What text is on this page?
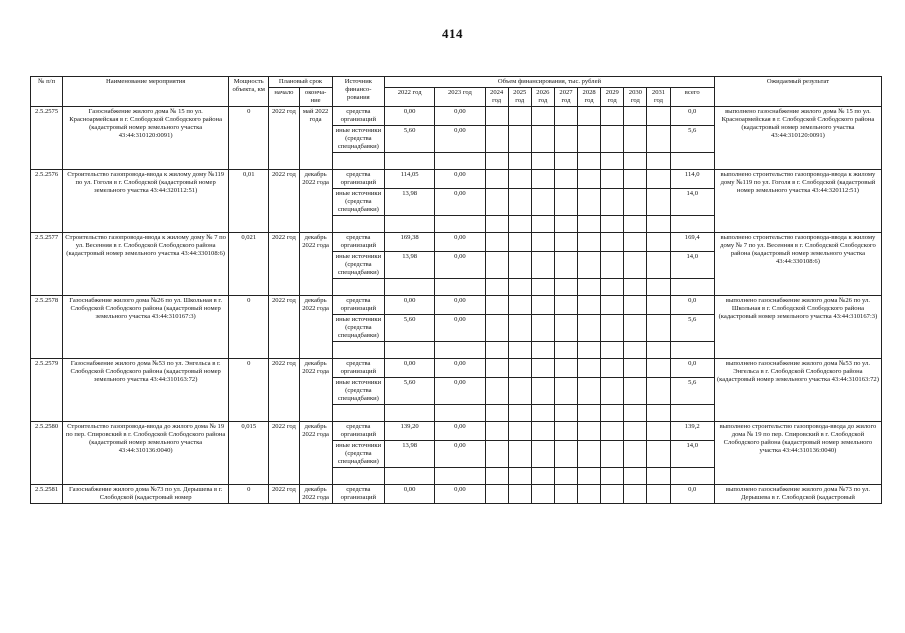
414
№ п/п	Наименование мероприятия	Мощность объекта, км	Плановый срок		Источник финансо-рования	Объем финансирования, тыс. рублей											Ожидаемый результат
			начало	оконча-ние		2022 год	2023 год	2024 год	2025 год	2026 год	2027 год	2028 год	2029 год	2030 год	2031 год	всего	
2.5.2575	Газоснабжение жилого дома № 15 по ул. Красноармейская в г. Слободской Слободского района (кадастровый номер земельного участка 43:44:310120:0091)	0	2022 год	май 2022 года	средства организаций	0,00	0,00									0,0	выполнено газоснабжение жилого дома № 15 по ул. Красноармейская в г. Слободской Слободского района (кадастровый номер земельного участка 43:44:310120:0091)
					иные источники (средства спецнадбавки)	5,60	0,00									5,6	

2.5.2576	Строительство газопровода-ввода к жилому дому №119 по ул. Гоголя в г. Слободской (кадастровый номер земельного участка 43:44:320112:51)	0,01	2022 год	декабрь 2022 года	средства организаций	114,05	0,00									114,0	выполнено строительство газопровода-ввода к жилому дому №119 по ул. Гоголя в г. Слободской (кадастровый номер земельного участка 43:44:320112:51)
					иные источники (средства спецнадбавки)	13,98	0,00									14,0	

2.5.2577	Строительство газопровода-ввода к жилому дому № 7 по ул. Весенняя в г. Слободской Слободского района (кадастровый номер земельного участка 43:44:330108:6)	0,021	2022 год	декабрь 2022 года	средства организаций	169,38	0,00									169,4	выполнено строительство газопровода-ввода к жилому дому № 7 по ул. Весенняя в г. Слободской Слободского района (кадастровый номер земельного участка 43:44:330108:6)
					иные источники (средства спецнадбавки)	13,98	0,00									14,0	

2.5.2578	Газоснабжение жилого дома №26 по ул. Школьная в г. Слободской Слободского района (кадастровый номер земельного участка 43:44:310167:3)	0	2022 год	декабрь 2022 года	средства организаций	0,00	0,00									0,0	выполнено газоснабжение жилого дома №26 по ул. Школьная в г. Слободской Слободского района (кадастровый номер земельного участка 43:44:310167:3)
					иные источники (средства спецнадбавки)	5,60	0,00									5,6	

2.5.2579	Газоснабжение жилого дома №53 по ул. Энгельса в г. Слободской Слободского района (кадастровый номер земельного участка 43:44:310163:72)	0	2022 год	декабрь 2022 года	средства организаций	0,00	0,00									0,0	выполнено газоснабжение жилого дома №53 по ул. Энгельса в г. Слободской Слободского района (кадастровый номер земельного участка 43:44:310163:72)
					иные источники (средства спецнадбавки)	5,60	0,00									5,6	

2.5.2580	Строительство газопровода-ввода до жилого дома № 19 по пер. Спировский в г. Слободской Слободского района (кадастровый номер земельного участка 43:44:310136:0040)	0,015	2022 год	декабрь 2022 года	средства организаций	139,20	0,00									139,2	выполнено строительство газопровода-ввода до жилого дома № 19 по пер. Спировский в г. Слободской Слободского района (кадастровый номер земельного участка 43:44:310136:0040)
					иные источники (средства спецнадбавки)	13,98	0,00									14,0	

2.5.2581	Газоснабжение жилого дома №73 по ул. Дерышева в г. Слободской (кадастровый номер	0	2022 год	декабрь 2022 года	средства организаций	0,00	0,00									0,0	выполнено газоснабжение жилого дома №73 по ул. Дерышева в г. Слободской (кадастровый
